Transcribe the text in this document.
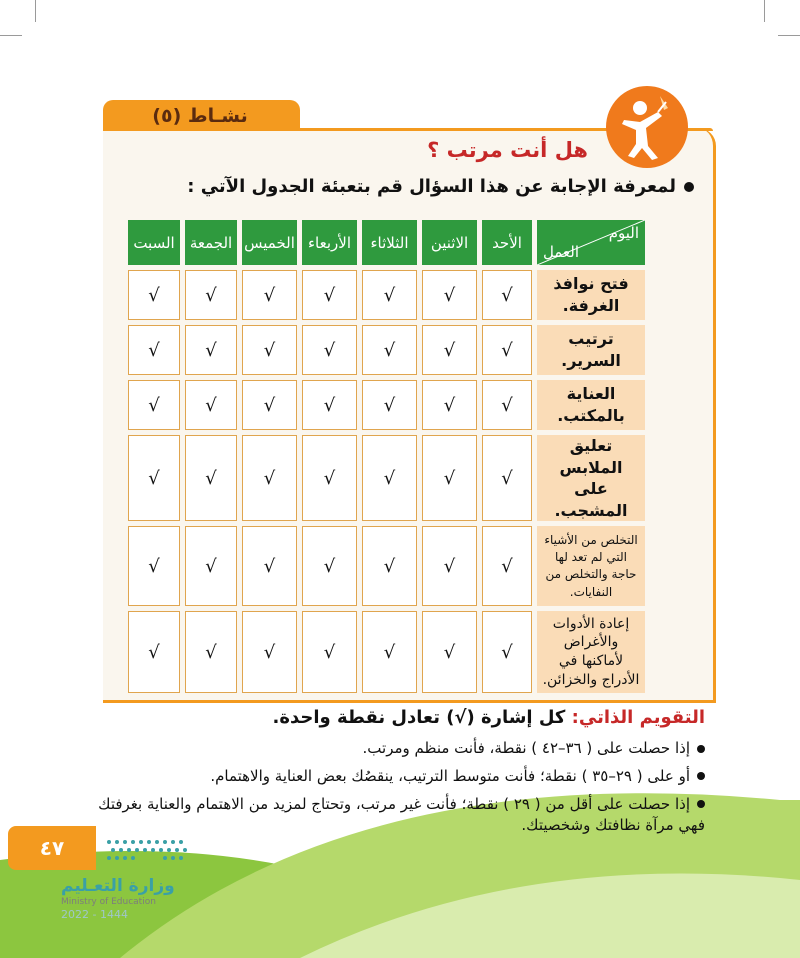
نشـاط (٥)
هل أنت مرتب ؟
لمعرفة الإجابة عن هذا السؤال قم بتعبئة الجدول الآتي :
اليوم
العمل	الأحد	الاثنين	الثلاثاء	الأربعاء	الخميس	الجمعة	السبت
فتح نوافذ الغرفة.	√	√	√	√	√	√	√
ترتيب السرير.	√	√	√	√	√	√	√
العناية بالمكتب.	√	√	√	√	√	√	√
تعليق الملابس على المشجب.	√	√	√	√	√	√	√
التخلص من الأشياء التي لم تعد لها حاجة والتخلص من النفايات.	√	√	√	√	√	√	√
إعادة الأدوات والأغراض لأماكنها في الأدراج والخزائن.	√	√	√	√	√	√	√
التقويم الذاتي: كل إشارة (√) تعادل نقطة واحدة.
إذا حصلت على ( ٣٦–٤٢ ) نقطة، فأنت منظم ومرتب.
أو على ( ٢٩–٣٥ ) نقطة؛ فأنت متوسط الترتيب، ينقصُك بعض العناية والاهتمام.
إذا حصلت على أقل من ( ٢٩ ) نقطة؛ فأنت غير مرتب، وتحتاج لمزيد من الاهتمام والعناية بغرفتك فهي مرآة نظافتك وشخصيتك.
٤٧
وزارة التعـليم
Ministry of Education
2022 - 1444
